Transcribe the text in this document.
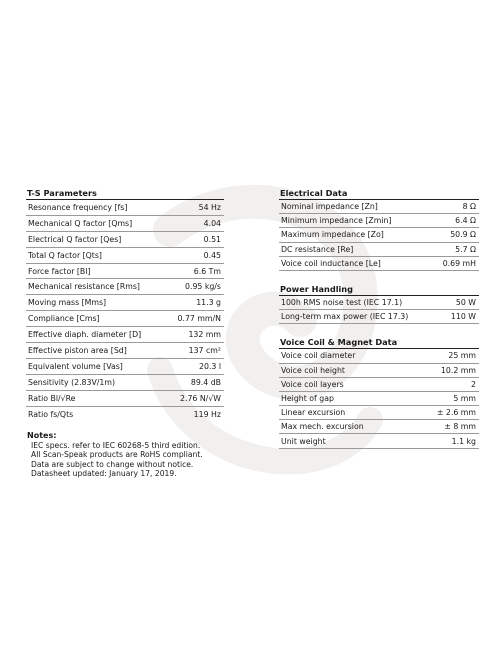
T-S Parameters
Resonance frequency [fs]	54 Hz
Mechanical Q factor [Qms]	4.04
Electrical Q factor [Qes]	0.51
Total Q factor [Qts]	0.45
Force factor [Bl]	6.6 Tm
Mechanical resistance [Rms]	0.95 kg/s
Moving mass [Mms]	11.3 g
Compliance [Cms]	0.77 mm/N
Effective diaph. diameter [D]	132 mm
Effective piston area [Sd]	137 cm²
Equivalent volume [Vas]	20.3 l
Sensitivity (2.83V/1m)	89.4 dB
Ratio Bl/√Re	2.76 N/√W
Ratio fs/Qts	119 Hz
Notes:
IEC specs. refer to IEC 60268-5 third edition.
All Scan-Speak products are RoHS compliant.
Data are subject to change without notice.
Datasheet updated: January 17, 2019.
Electrical Data
Nominal impedance [Zn]	8 Ω
Minimum impedance [Zmin]	6.4 Ω
Maximum impedance [Zo]	50.9 Ω
DC resistance [Re]	5.7 Ω
Voice coil inductance [Le]	0.69 mH
Power Handling
100h RMS noise test (IEC 17.1)	50 W
Long-term max power (IEC 17.3)	110 W
Voice Coil & Magnet Data
Voice coil diameter	25 mm
Voice coil height	10.2 mm
Voice coil layers	2
Height of gap	5 mm
Linear excursion	± 2.6 mm
Max mech. excursion	± 8 mm
Unit weight	1.1 kg
